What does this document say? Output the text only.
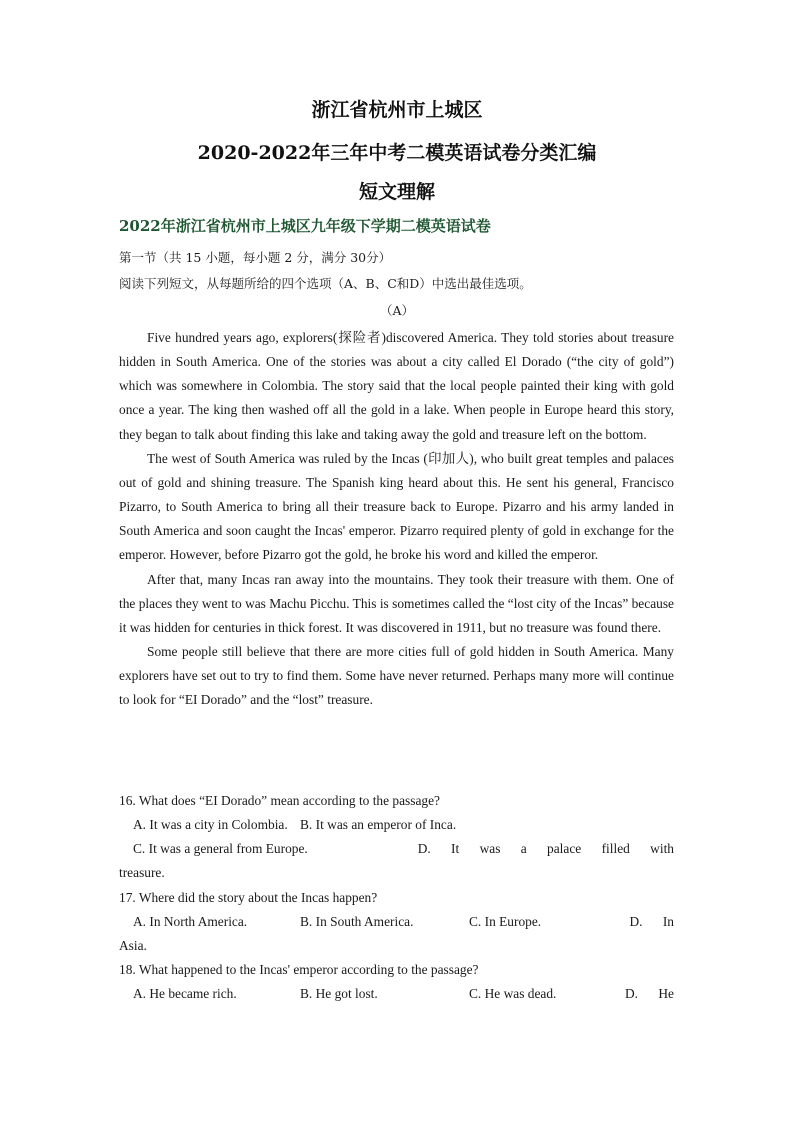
浙江省杭州市上城区
2020-2022年三年中考二模英语试卷分类汇编
短文理解
2022年浙江省杭州市上城区九年级下学期二模英语试卷
第一节（共 15 小题，每小题 2 分，满分 30分）
阅读下列短文，从每题所给的四个选项（A、B、C和D）中选出最佳选项。
（A）

Five hundred years ago, explorers(探险者)discovered America. They told stories about treasure hidden in South America. One of the stories was about a city called El Dorado (“the city of gold”) which was somewhere in Colombia. The story said that the local people painted their king with gold once a year. The king then washed off all the gold in a lake. When people in Europe heard this story, they began to talk about finding this lake and taking away the gold and treasure left on the bottom.

The west of South America was ruled by the Incas (印加人), who built great temples and palaces out of gold and shining treasure. The Spanish king heard about this. He sent his general, Francisco Pizarro, to South America to bring all their treasure back to Europe. Pizarro and his army landed in South America and soon caught the Incas' emperor. Pizarro required plenty of gold in exchange for the emperor. However, before Pizarro got the gold, he broke his word and killed the emperor.

After that, many Incas ran away into the mountains. They took their treasure with them. One of the places they went to was Machu Picchu. This is sometimes called the “lost city of the Incas” because it was hidden for centuries in thick forest. It was discovered in 1911, but no treasure was found there.

Some people still believe that there are more cities full of gold hidden in South America. Many explorers have set out to try to find them. Some have never returned. Perhaps many more will continue to look for “EI Dorado” and the “lost” treasure.

16. What does “EI Dorado” mean according to the passage?

A. It was a city in Colombia. B. It was an emperor of Inca.
C. It was a general from Europe.	D. It was a palace filled with

treasure.

17. Where did the story about the Incas happen?

A. In North America.	B. In South America.	C. In Europe.	D. In

Asia.

18. What happened to the Incas' emperor according to the passage?

A. He became rich.	B. He got lost.	C. He was dead.	D. He
